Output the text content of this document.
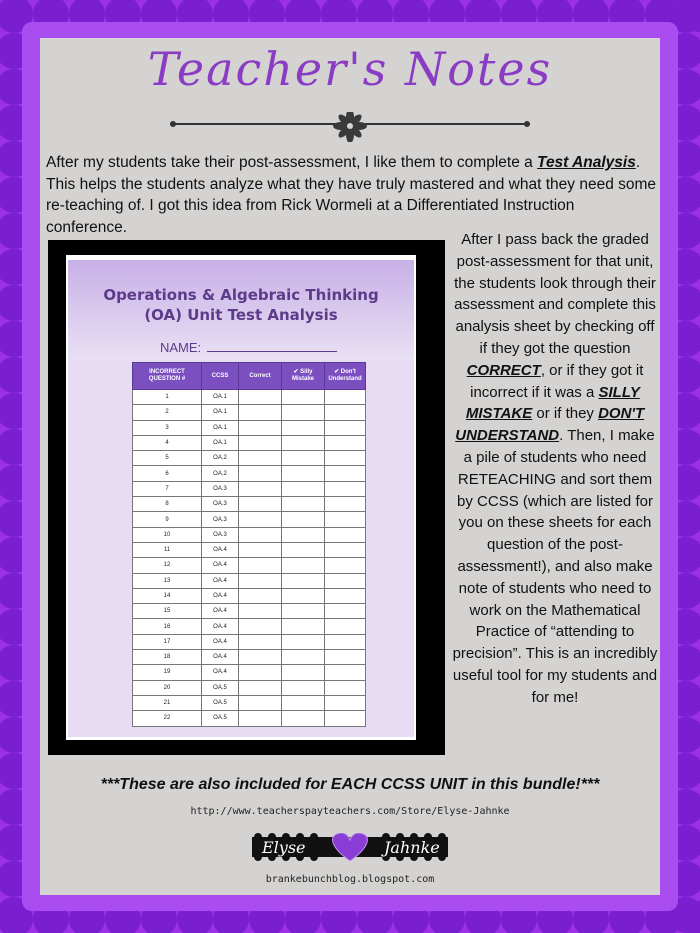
Teacher's Notes
After my students take their post-assessment, I like them to complete a Test Analysis. This helps the students analyze what they have truly mastered and what they need some re-teaching of. I got this idea from Rick Wormeli at a Differentiated Instruction conference.
After I pass back the graded post-assessment for that unit, the students look through their assessment and complete this analysis sheet by checking off if they got the question CORRECT, or if they got it incorrect if it was a SILLY MISTAKE or if they DON'T UNDERSTAND. Then, I make a pile of students who need RETEACHING and sort them by CCSS (which are listed for you on these sheets for each question of the post-assessment!), and also make note of students who need to work on the Mathematical Practice of “attending to precision”. This is an incredibly useful tool for my students and for me!
Operations & Algebraic Thinking
(OA) Unit Test Analysis
NAME:
INCORRECT QUESTION #	CCSS	Correct	✔ Silly Mistake	✔ Don't Understand
1	OA.1			
2	OA.1			
3	OA.1			
4	OA.1			
5	OA.2			
6	OA.2			
7	OA.3			
8	OA.3			
9	OA.3			
10	OA.3			
11	OA.4			
12	OA.4			
13	OA.4			
14	OA.4			
15	OA.4			
16	OA.4			
17	OA.4			
18	OA.4			
19	OA.4			
20	OA.5			
21	OA.5			
22	OA.5			
***These are also included for EACH CCSS UNIT in this bundle!***
http://www.teacherspayteachers.com/Store/Elyse-Jahnke
Elyse	Jahnke
brankebunchblog.blogspot.com
